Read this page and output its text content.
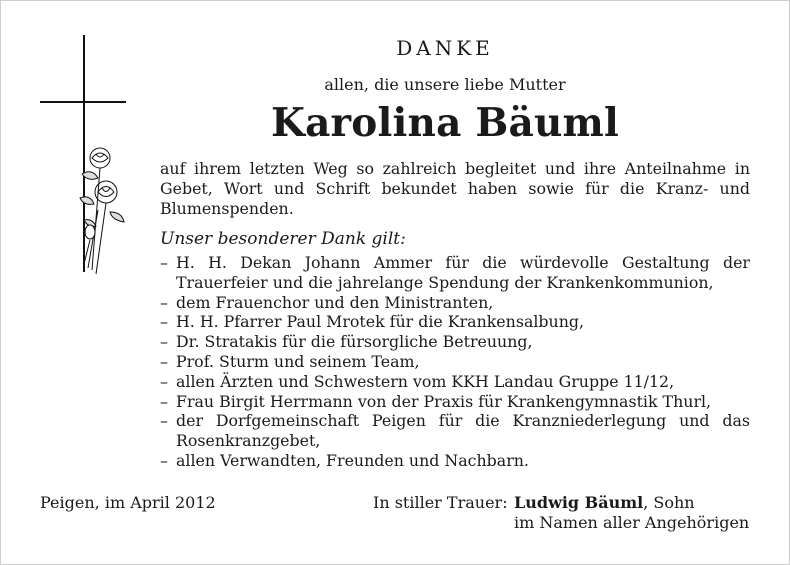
DANKE
allen, die unsere liebe Mutter
Karolina Bäuml
auf ihrem letzten Weg so zahlreich begleitet und ihre Anteilnahme in Gebet, Wort und Schrift bekundet haben sowie für die Kranz- und Blumenspenden.
Unser besonderer Dank gilt:
– H. H. Dekan Johann Ammer für die würdevolle Gestaltung der Trauerfeier und die jahrelange Spendung der Krankenkommunion,
– dem Frauenchor und den Ministranten,
– H. H. Pfarrer Paul Mrotek für die Krankensalbung,
– Dr. Stratakis für die fürsorgliche Betreuung,
– Prof. Sturm und seinem Team,
– allen Ärzten und Schwestern vom KKH Landau Gruppe 11/12,
– Frau Birgit Herrmann von der Praxis für Krankengymnastik Thurl,
– der Dorfgemeinschaft Peigen für die Kranzniederlegung und das Rosenkranzgebet,
– allen Verwandten, Freunden und Nachbarn.
Peigen, im April 2012	In stiller Trauer: Ludwig Bäuml, Sohn
im Namen aller Angehörigen
